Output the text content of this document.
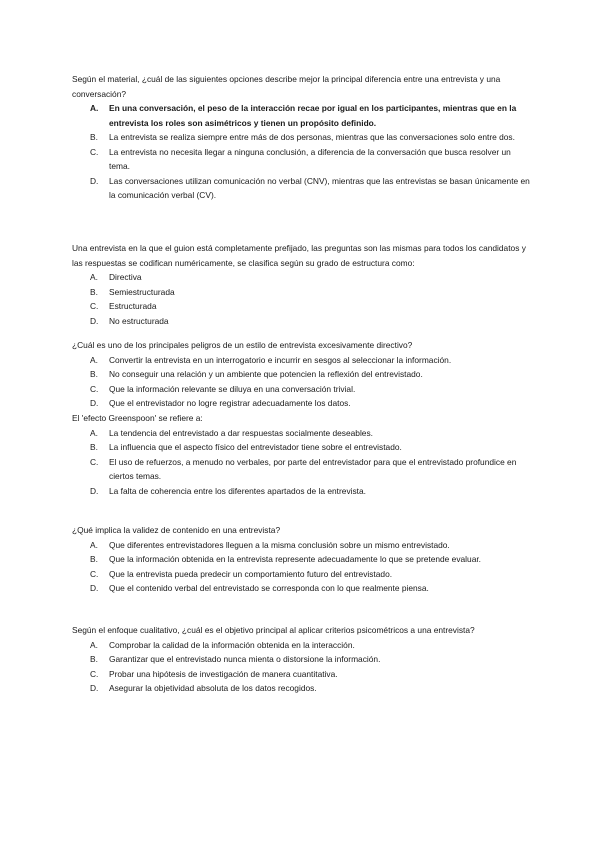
Según el material, ¿cuál de las siguientes opciones describe mejor la principal diferencia entre una entrevista y una conversación?

A.	En una conversación, el peso de la interacción recae por igual en los participantes, mientras que en la entrevista los roles son asimétricos y tienen un propósito definido.
B.	La entrevista se realiza siempre entre más de dos personas, mientras que las conversaciones solo entre dos.
C.	La entrevista no necesita llegar a ninguna conclusión, a diferencia de la conversación que busca resolver un tema.
D.	Las conversaciones utilizan comunicación no verbal (CNV), mientras que las entrevistas se basan únicamente en la comunicación verbal (CV).

Una entrevista en la que el guion está completamente prefijado, las preguntas son las mismas para todos los candidatos y las respuestas se codifican numéricamente, se clasifica según su grado de estructura como:

A.	Directiva
B.	Semiestructurada
C.	Estructurada
D.	No estructurada

¿Cuál es uno de los principales peligros de un estilo de entrevista excesivamente directivo?

A.	Convertir la entrevista en un interrogatorio e incurrir en sesgos al seleccionar la información.
B.	No conseguir una relación y un ambiente que potencien la reflexión del entrevistado.
C.	Que la información relevante se diluya en una conversación trivial.
D.	Que el entrevistador no logre registrar adecuadamente los datos.

El 'efecto Greenspoon' se refiere a:

A.	La tendencia del entrevistado a dar respuestas socialmente deseables.
B.	La influencia que el aspecto físico del entrevistador tiene sobre el entrevistado.
C.	El uso de refuerzos, a menudo no verbales, por parte del entrevistador para que el entrevistado profundice en ciertos temas.
D.	La falta de coherencia entre los diferentes apartados de la entrevista.

¿Qué implica la validez de contenido en una entrevista?

A.	Que diferentes entrevistadores lleguen a la misma conclusión sobre un mismo entrevistado.
B.	Que la información obtenida en la entrevista represente adecuadamente lo que se pretende evaluar.
C.	Que la entrevista pueda predecir un comportamiento futuro del entrevistado.
D.	Que el contenido verbal del entrevistado se corresponda con lo que realmente piensa.

Según el enfoque cualitativo, ¿cuál es el objetivo principal al aplicar criterios psicométricos a una entrevista?

A.	Comprobar la calidad de la información obtenida en la interacción.
B.	Garantizar que el entrevistado nunca mienta o distorsione la información.
C.	Probar una hipótesis de investigación de manera cuantitativa.
D.	Asegurar la objetividad absoluta de los datos recogidos.
